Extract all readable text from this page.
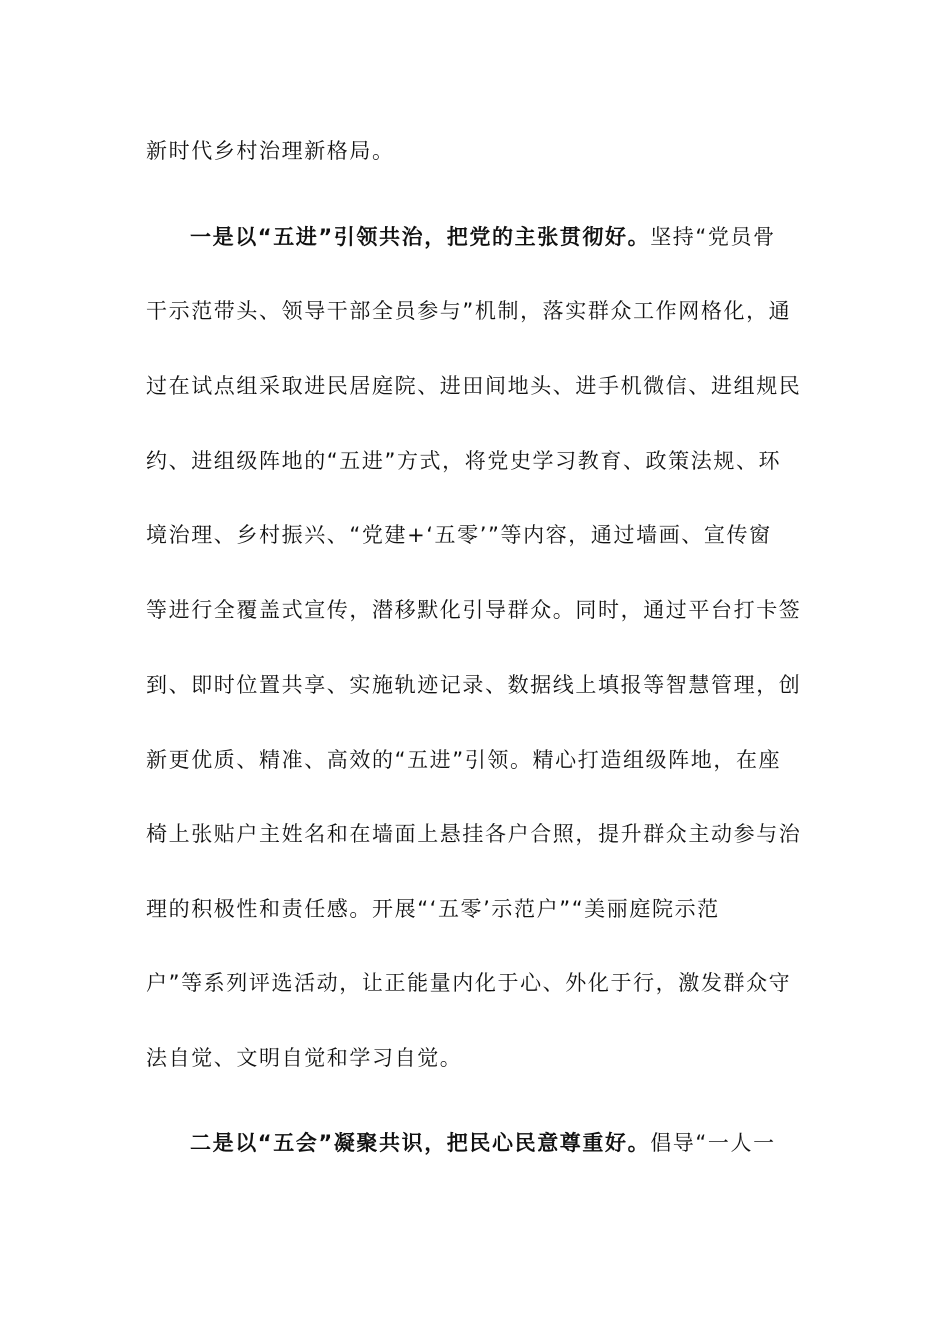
新时代乡村治理新格局。
一是以“五进”引领共治，把党的主张贯彻好。坚持“党员骨
干示范带头、领导干部全员参与”机制，落实群众工作网格化，通
过在试点组采取进民居庭院、进田间地头、进手机微信、进组规民
约、进组级阵地的“五进”方式，将党史学习教育、政策法规、环
境治理、乡村振兴、“党建+‘五零’”等内容，通过墙画、宣传窗
等进行全覆盖式宣传，潜移默化引导群众。同时，通过平台打卡签
到、即时位置共享、实施轨迹记录、数据线上填报等智慧管理，创
新更优质、精准、高效的“五进”引领。精心打造组级阵地，在座
椅上张贴户主姓名和在墙面上悬挂各户合照，提升群众主动参与治
理的积极性和责任感。开展“‘五零’示范户”“美丽庭院示范
户”等系列评选活动，让正能量内化于心、外化于行，激发群众守
法自觉、文明自觉和学习自觉。
二是以“五会”凝聚共识，把民心民意尊重好。倡导“一人一
